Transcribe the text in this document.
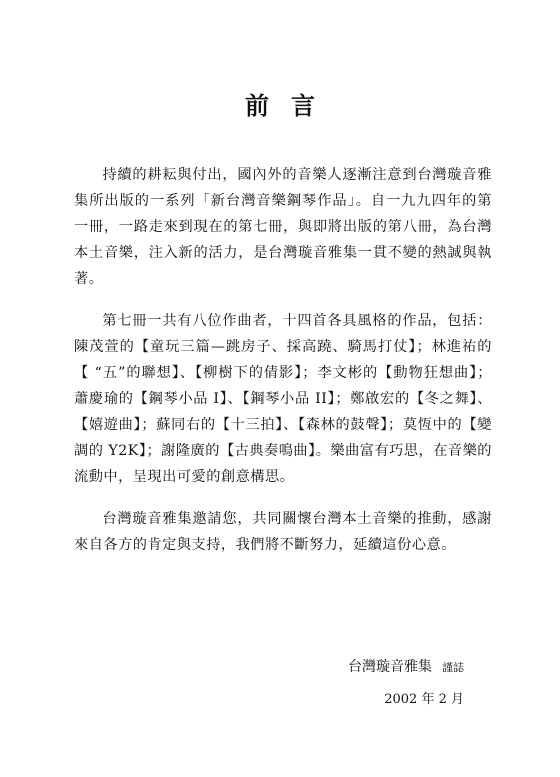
前言

持續的耕耘與付出，國內外的音樂人逐漸注意到台灣璇音雅集所出版的一系列「新台灣音樂鋼琴作品」。自一九九四年的第一冊，一路走來到現在的第七冊，與即將出版的第八冊，為台灣本土音樂，注入新的活力，是台灣璇音雅集一貫不變的熱誠與執著。

第七冊一共有八位作曲者，十四首各具風格的作品，包括：陳茂萱的【童玩三篇—跳房子、採高蹺、騎馬打仗】；林進祐的【 “五”的聯想】、【柳樹下的倩影】；李文彬的【動物狂想曲】；蕭慶瑜的【鋼琴小品 I】、【鋼琴小品 II】；鄭啟宏的【冬之舞】、【嬉遊曲】；蘇同右的【十三拍】、【森林的鼓聲】；莫恆中的【變調的 Y2K】；謝隆廣的【古典奏鳴曲】。樂曲富有巧思，在音樂的流動中，呈現出可愛的創意構思。

台灣璇音雅集邀請您，共同關懷台灣本土音樂的推動，感謝來自各方的肯定與支持，我們將不斷努力，延續這份心意。

台灣璇音雅集 謹誌
2002 年 2 月
